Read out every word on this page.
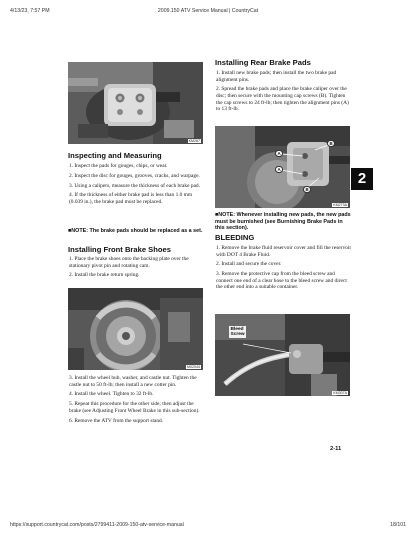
4/13/23, 7:57 PM	2009.150 ATV Service Manual | CountryCat
KM267
Inspecting and Measuring
1. Inspect the pads for gouges, chips, or wear.
2. Inspect the disc for gouges, grooves, cracks, and warpage.
3. Using a calipers, measure the thickness of each brake pad.
4. If the thickness of either brake pad is less than 1.0 mm (0.039 in.), the brake pad must be replaced.
■NOTE: The brake pads should be replaced as a set.
Installing Front Brake Shoes
1. Place the brake shoes onto the backing plate over the stationary pivot pin and rotating cam.
2. Install the brake return spring.
M02044
3. Install the wheel hub, washer, and castle nut. Tighten the castle nut to 50 ft-lb; then install a new cotter pin.
4. Install the wheel. Tighten to 32 ft-lb.
5. Repeat this procedure for the other side; then adjust the brake (see Adjusting Front Wheel Brake in this sub-section).
6. Remove the ATV from the support stand.
Installing Rear Brake Pads
1. Install new brake pads; then install the two brake pad alignment pins.
2. Spread the brake pads and place the brake caliper over the disc; then secure with the mounting cap screws (B). Tighten the cap screws to 24 ft-lb; then tighten the alignment pins (A) to 13 ft-lb.
A
B
A
B
KM273A
2
■NOTE: Whenever installing new pads, the new pads must be burnished (see Burnishing Brake Pads in this section).
BLEEDING
1. Remove the brake fluid reservoir cover and fill the reservoir with DOT 4 Brake Fluid.
2. Install and secure the cover.
3. Remove the protective cap from the bleed screw and connect one end of a clear hose to the bleed screw and direct the other end into a suitable container.
Bleed
Screw
KM307A
2-11
https://support.countrycat.com/posts/2799411-2009-150-atv-service-manual	18/101
